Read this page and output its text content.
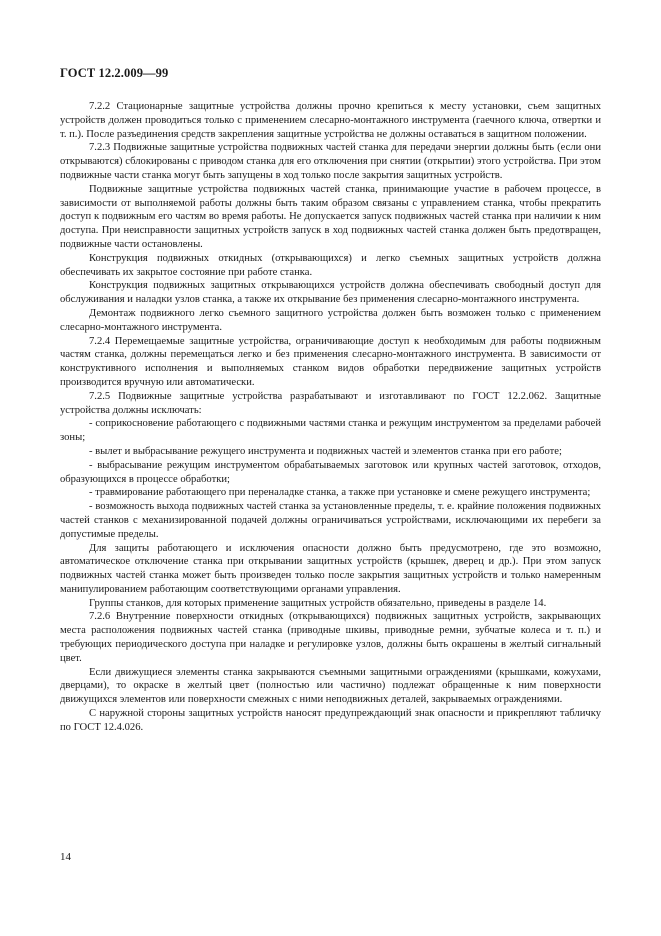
ГОСТ 12.2.009—99

7.2.2 Стационарные защитные устройства должны прочно крепиться к месту установки, съем защитных устройств должен проводиться только с применением слесарно-монтажного инструмента (гаечного ключа, отвертки и т. п.). После разъединения средств закрепления защитные устройства не должны оставаться в защитном положении.

7.2.3 Подвижные защитные устройства подвижных частей станка для передачи энергии должны быть (если они открываются) сблокированы с приводом станка для его отключения при снятии (открытии) этого устройства. При этом подвижные части станка могут быть запущены в ход только после закрытия защитных устройств.

Подвижные защитные устройства подвижных частей станка, принимающие участие в рабочем процессе, в зависимости от выполняемой работы должны быть таким образом связаны с управлением станка, чтобы прекратить доступ к подвижным его частям во время работы. Не допускается запуск подвижных частей станка при наличии к ним доступа. При неисправности защитных устройств запуск в ход подвижных частей станка должен быть предотвращен, подвижные части остановлены.

Конструкция подвижных откидных (открывающихся) и легко съемных защитных устройств должна обеспечивать их закрытое состояние при работе станка.

Конструкция подвижных защитных открывающихся устройств должна обеспечивать свободный доступ для обслуживания и наладки узлов станка, а также их открывание без применения слесарно-монтажного инструмента.

Демонтаж подвижного легко съемного защитного устройства должен быть возможен только с применением слесарно-монтажного инструмента.

7.2.4 Перемещаемые защитные устройства, ограничивающие доступ к необходимым для работы подвижным частям станка, должны перемещаться легко и без применения слесарно-монтажного инструмента. В зависимости от конструктивного исполнения и выполняемых станком видов обработки передвижение защитных устройств производится вручную или автоматически.

7.2.5 Подвижные защитные устройства разрабатывают и изготавливают по ГОСТ 12.2.062. Защитные устройства должны исключать:

- соприкосновение работающего с подвижными частями станка и режущим инструментом за пределами рабочей зоны;

- вылет и выбрасывание режущего инструмента и подвижных частей и элементов станка при его работе;

- выбрасывание режущим инструментом обрабатываемых заготовок или крупных частей заготовок, отходов, образующихся в процессе обработки;

- травмирование работающего при переналадке станка, а также при установке и смене режущего инструмента;

- возможность выхода подвижных частей станка за установленные пределы, т. е. крайние положения подвижных частей станков с механизированной подачей должны ограничиваться устройствами, исключающими их перебеги за допустимые пределы.

Для защиты работающего и исключения опасности должно быть предусмотрено, где это возможно, автоматическое отключение станка при открывании защитных устройств (крышек, дверец и др.). При этом запуск подвижных частей станка может быть произведен только после закрытия защитных устройств и только намеренным манипулированием работающим соответствующими органами управления.

Группы станков, для которых применение защитных устройств обязательно, приведены в разделе 14.

7.2.6 Внутренние поверхности откидных (открывающихся) подвижных защитных устройств, закрывающих места расположения подвижных частей станка (приводные шкивы, приводные ремни, зубчатые колеса и т. п.) и требующих периодического доступа при наладке и регулировке узлов, должны быть окрашены в желтый сигнальный цвет.

Если движущиеся элементы станка закрываются съемными защитными ограждениями (крышками, кожухами, дверцами), то окраске в желтый цвет (полностью или частично) подлежат обращенные к ним поверхности движущихся элементов или поверхности смежных с ними неподвижных деталей, закрываемых ограждениями.

С наружной стороны защитных устройств наносят предупреждающий знак опасности и прикрепляют табличку по ГОСТ 12.4.026.

14
